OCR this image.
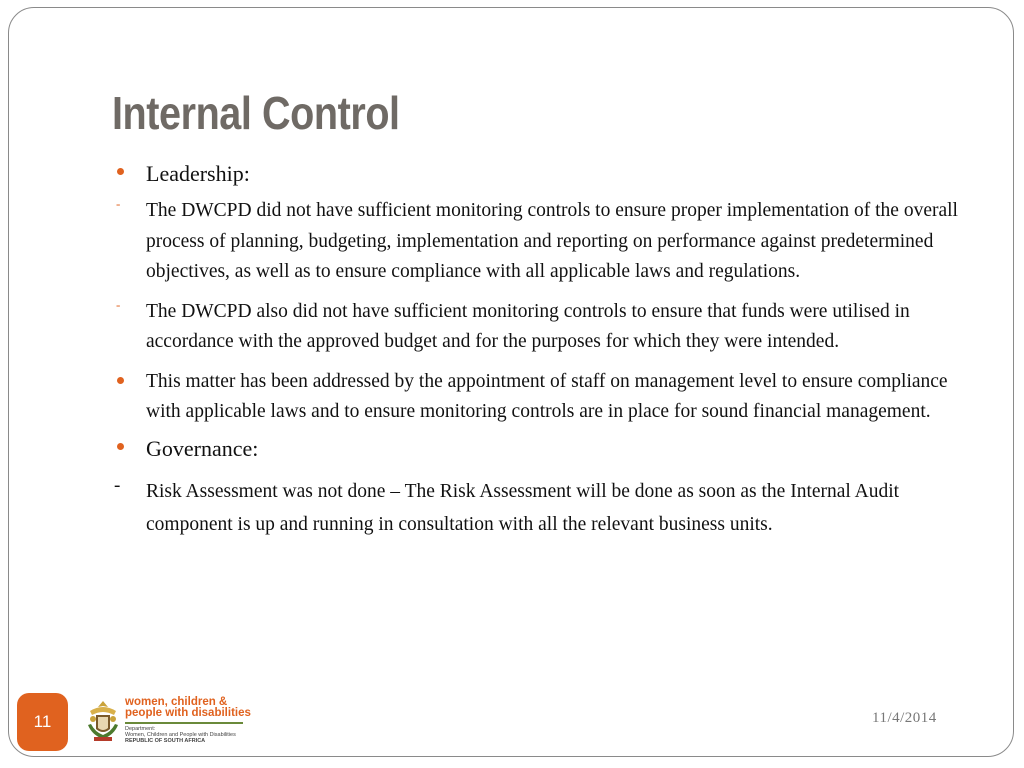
Internal Control
Leadership:
- The DWCPD did not have sufficient monitoring controls to ensure proper implementation of the overall process of planning, budgeting, implementation and reporting on performance against predetermined objectives, as well as to ensure compliance with all applicable laws and regulations.
- The DWCPD also did not have sufficient monitoring controls to ensure that funds were utilised in accordance with the approved budget and for the purposes for which they were intended.
This matter has been addressed by the appointment of staff on management level to ensure compliance with applicable laws and to ensure monitoring controls are in place for sound financial management.
Governance:
- Risk Assessment was not done – The Risk Assessment will be done as soon as the Internal Audit component is up and running in consultation with all the relevant business units.
11
women, children &
people with disabilities
Department:
Women, Children and People with Disabilities
REPUBLIC OF SOUTH AFRICA
11/4/2014
